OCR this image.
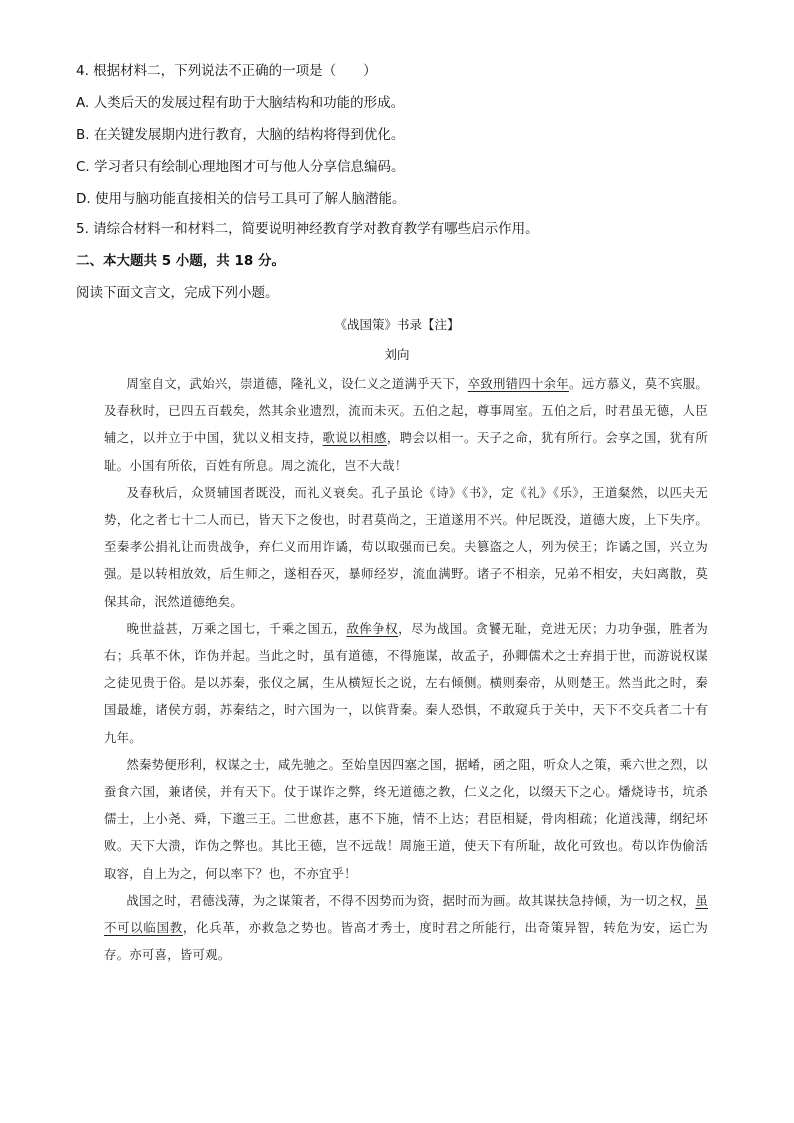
4. 根据材料二，下列说法不正确的一项是（　　）
A. 人类后天的发展过程有助于大脑结构和功能的形成。
B. 在关键发展期内进行教育，大脑的结构将得到优化。
C. 学习者只有绘制心理地图才可与他人分享信息编码。
D. 使用与脑功能直接相关的信号工具可了解人脑潜能。
5. 请综合材料一和材料二，简要说明神经教育学对教育教学有哪些启示作用。
二、本大题共 5 小题，共 18 分。
阅读下面文言文，完成下列小题。
《战国策》书录【注】
刘向

周室自文，武始兴，崇道德，隆礼义，设仁义之道满乎天下，卒致刑错四十余年。远方慕义，莫不宾服。及春秋时，已四五百载矣，然其余业遗烈，流而未灭。五伯之起，尊事周室。五伯之后，时君虽无德，人臣辅之，以并立于中国，犹以义相支持，歌说以相感，聘会以相一。天子之命，犹有所行。会享之国，犹有所耻。小国有所依，百姓有所息。周之流化，岂不大哉！

及春秋后，众贤辅国者既没，而礼义衰矣。孔子虽论《诗》《书》，定《礼》《乐》，王道粲然，以匹夫无势，化之者七十二人而已，皆天下之俊也，时君莫尚之，王道遂用不兴。仲尼既没，道德大废，上下失序。至秦孝公捐礼让而贵战争，弃仁义而用诈谲，苟以取强而已矣。夫篡盗之人，列为侯王；诈谲之国，兴立为强。是以转相放效，后生师之，遂相吞灭，暴师经岁，流血满野。诸子不相亲，兄弟不相安，夫妇离散，莫保其命，泯然道德绝矣。

晚世益甚，万乘之国七，千乘之国五，敌侔争权，尽为战国。贪饕无耻，竞进无厌；力功争强，胜者为右；兵革不休，诈伪并起。当此之时，虽有道德，不得施谋，故孟子，孙卿儒术之士弃捐于世，而游说权谋之徒见贵于俗。是以苏秦，张仪之属，生从横短长之说，左右倾侧。横则秦帝，从则楚王。然当此之时，秦国最雄，诸侯方弱，苏秦结之，时六国为一，以傧背秦。秦人恐惧，不敢窥兵于关中，天下不交兵者二十有九年。

然秦势便形利，权谋之士，咸先驰之。至始皇因四塞之国，据崤，函之阻，听众人之策，乘六世之烈，以蚕食六国，兼诸侯，并有天下。仗于谋诈之弊，终无道德之教，仁义之化，以缀天下之心。燔烧诗书，坑杀儒士，上小尧、舜，下邈三王。二世愈甚，惠不下施，情不上达；君臣相疑，骨肉相疏；化道浅薄，纲纪坏败。天下大溃，诈伪之弊也。其比王德，岂不远哉！周施王道，使天下有所耻，故化可致也。苟以诈伪偷活取容，自上为之，何以率下？也，不亦宜乎！

战国之时，君德浅薄，为之谋策者，不得不因势而为资，据时而为画。故其谋扶急持倾，为一切之权，虽不可以临国教，化兵革，亦救急之势也。皆高才秀士，度时君之所能行，出奇策异智，转危为安，运亡为存。亦可喜，皆可观。
